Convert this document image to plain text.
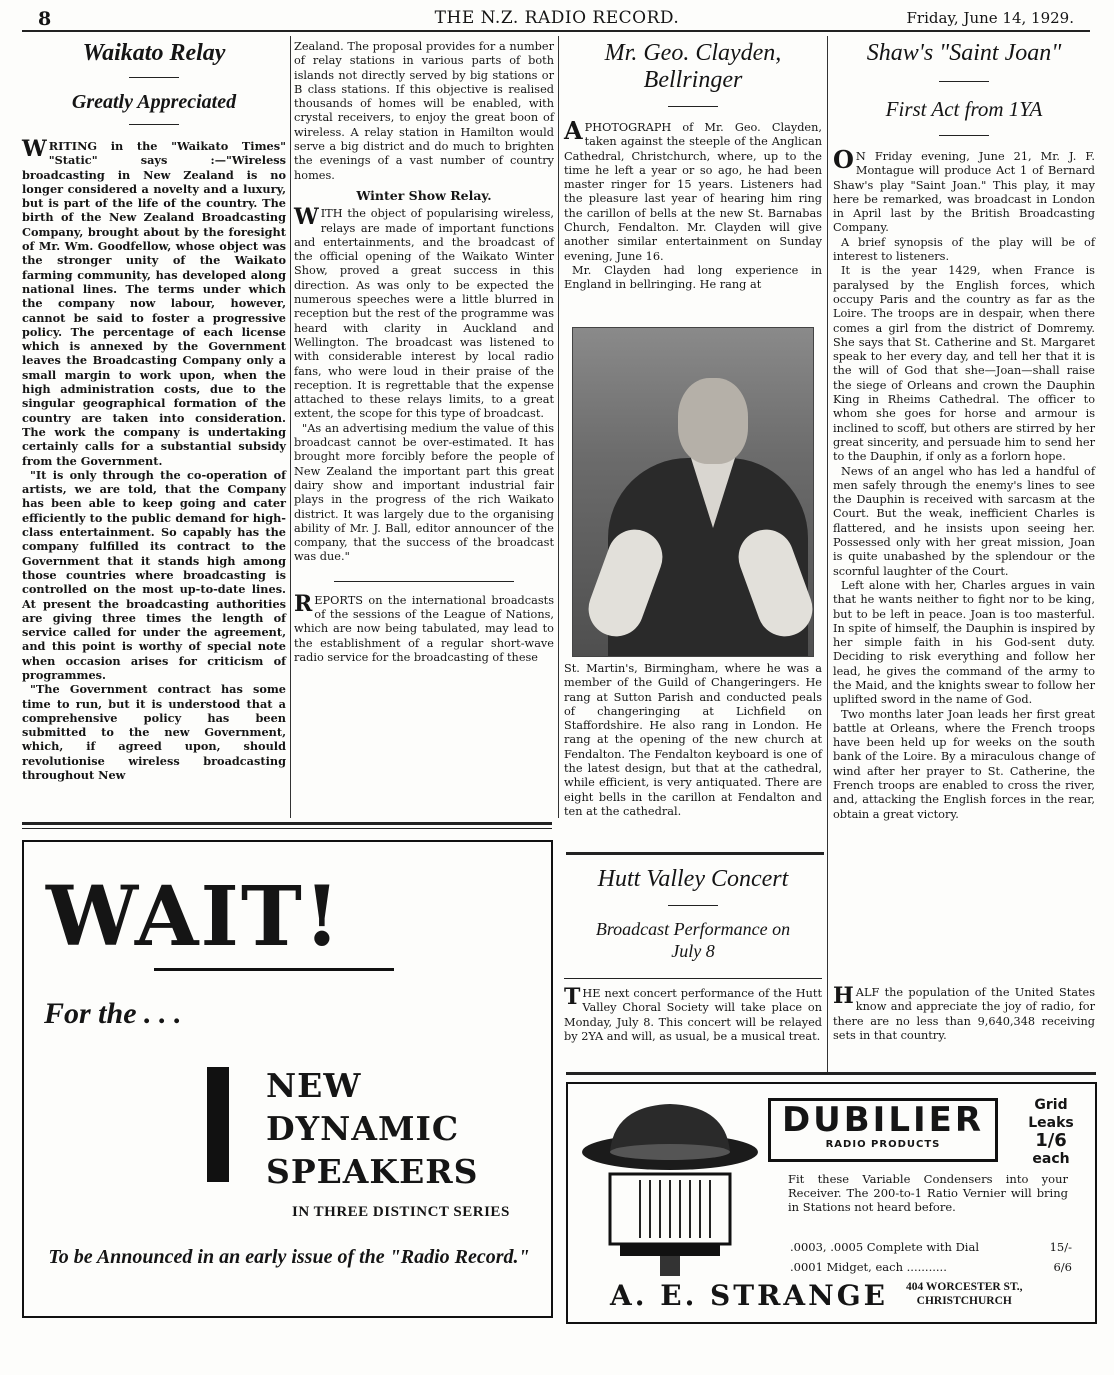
8	THE N.Z. RADIO RECORD.	Friday, June 14, 1929.
Waikato Relay
Greatly Appreciated

WRITING in the "Waikato Times" "Static" says :—"Wireless broadcasting in New Zealand is no longer considered a novelty and a luxury, but is part of the life of the country. The birth of the New Zealand Broadcasting Company, brought about by the foresight of Mr. Wm. Goodfellow, whose object was the stronger unity of the Waikato farming community, has developed along national lines. The terms under which the company now labour, however, cannot be said to foster a progressive policy. The percentage of each license which is annexed by the Government leaves the Broadcasting Company only a small margin to work upon, when the high administration costs, due to the singular geographical formation of the country are taken into consideration. The work the company is undertaking certainly calls for a substantial subsidy from the Government.

"It is only through the co-operation of artists, we are told, that the Company has been able to keep going and cater efficiently to the public demand for high-class entertainment. So capably has the company fulfilled its contract to the Government that it stands high among those countries where broadcasting is controlled on the most up-to-date lines. At present the broadcasting authorities are giving three times the length of service called for under the agreement, and this point is worthy of special note when occasion arises for criticism of programmes.

"The Government contract has some time to run, but it is understood that a comprehensive policy has been submitted to the new Government, which, if agreed upon, should revolutionise wireless broadcasting throughout New

Zealand. The proposal provides for a number of relay stations in various parts of both islands not directly served by big stations or B class stations. If this objective is realised thousands of homes will be enabled, with crystal receivers, to enjoy the great boon of wireless. A relay station in Hamilton would serve a big district and do much to brighten the evenings of a vast number of country homes.

Winter Show Relay.

WITH the object of popularising wireless, relays are made of important functions and entertainments, and the broadcast of the official opening of the Waikato Winter Show, proved a great success in this direction. As was only to be expected the numerous speeches were a little blurred in reception but the rest of the programme was heard with clarity in Auckland and Wellington. The broadcast was listened to with considerable interest by local radio fans, who were loud in their praise of the reception. It is regrettable that the expense attached to these relays limits, to a great extent, the scope for this type of broadcast.

"As an advertising medium the value of this broadcast cannot be over-estimated. It has brought more forcibly before the people of New Zealand the important part this great dairy show and important industrial fair plays in the progress of the rich Waikato district. It was largely due to the organising ability of Mr. J. Ball, editor announcer of the company, that the success of the broadcast was due."

REPORTS on the international broadcasts of the sessions of the League of Nations, which are now being tabulated, may lead to the establishment of a regular short-wave radio service for the broadcasting of these

Mr. Geo. Clayden,
Bellringer

APHOTOGRAPH of Mr. Geo. Clayden, taken against the steeple of the Anglican Cathedral, Christchurch, where, up to the time he left a year or so ago, he had been master ringer for 15 years. Listeners had the pleasure last year of hearing him ring the carillon of bells at the new St. Barnabas Church, Fendalton. Mr. Clayden will give another similar entertainment on Sunday evening, June 16.

Mr. Clayden had long experience in England in bellringing. He rang at

St. Martin's, Birmingham, where he was a member of the Guild of Changeringers. He rang at Sutton Parish and conducted peals of changeringing at Lichfield on Staffordshire. He also rang in London. He rang at the opening of the new church at Fendalton. The Fendalton keyboard is one of the latest design, but that at the cathedral, while efficient, is very antiquated. There are eight bells in the carillon at Fendalton and ten at the cathedral.

Hutt Valley Concert
Broadcast Performance on
July 8

THE next concert performance of the Hutt Valley Choral Society will take place on Monday, July 8. This concert will be relayed by 2YA and will, as usual, be a musical treat.

Shaw's "Saint Joan"
First Act from 1YA

O N Friday evening, June 21, Mr. J. F. Montague will produce Act 1 of Bernard Shaw's play "Saint Joan." This play, it may here be remarked, was broadcast in London in April last by the British Broadcasting Company.

A brief synopsis of the play will be of interest to listeners.

It is the year 1429, when France is paralysed by the English forces, which occupy Paris and the country as far as the Loire. The troops are in despair, when there comes a girl from the district of Domremy. She says that St. Catherine and St. Margaret speak to her every day, and tell her that it is the will of God that she—Joan—shall raise the siege of Orleans and crown the Dauphin King in Rheims Cathedral. The officer to whom she goes for horse and armour is inclined to scoff, but others are stirred by her great sincerity, and persuade him to send her to the Dauphin, if only as a forlorn hope.

News of an angel who has led a handful of men safely through the enemy's lines to see the Dauphin is received with sarcasm at the Court. But the weak, inefficient Charles is flattered, and he insists upon seeing her. Possessed only with her great mission, Joan is quite unabashed by the splendour or the scornful laughter of the Court.

Left alone with her, Charles argues in vain that he wants neither to fight nor to be king, but to be left in peace. Joan is too masterful. In spite of himself, the Dauphin is inspired by her simple faith in his God-sent duty. Deciding to risk everything and follow her lead, he gives the command of the army to the Maid, and the knights swear to follow her uplifted sword in the name of God.

Two months later Joan leads her first great battle at Orleans, where the French troops have been held up for weeks on the south bank of the Loire. By a miraculous change of wind after her prayer to St. Catherine, the French troops are enabled to cross the river, and, attacking the English forces in the rear, obtain a great victory.

HALF the population of the United States know and appreciate the joy of radio, for there are no less than 9,640,348 receiving sets in that country.

WAIT!
For the . . .
NEW
DYNAMIC
SPEAKERS
IN THREE DISTINCT SERIES
To be Announced in an early issue of the "Radio Record."
DUBILIER
RADIO PRODUCTS
Grid
Leaks
1/6
each
Fit these Variable Condensers into your Receiver. The 200-to-1 Ratio Vernier will bring in Stations not heard before.
.0003, .0005 Complete with Dial	15/-
.0001 Midget, each ...........	6/6
A. E. STRANGE 404 WORCESTER ST.,
CHRISTCHURCH
